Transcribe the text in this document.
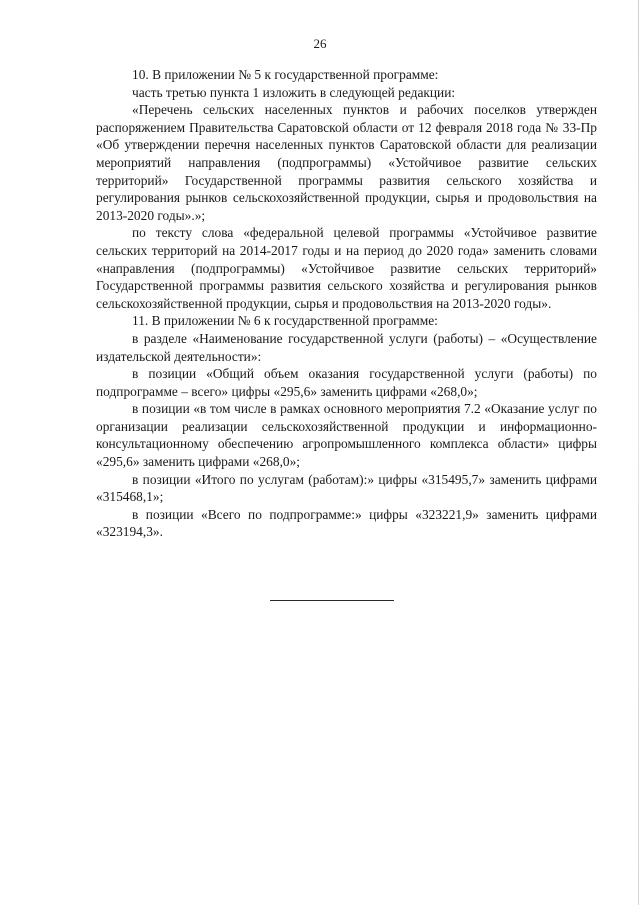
26

10. В приложении № 5 к государственной программе:

часть третью пункта 1 изложить в следующей редакции:

«Перечень сельских населенных пунктов и рабочих поселков утвержден распоряжением Правительства Саратовской области от 12 февраля 2018 года № 33-Пр «Об утверждении перечня населенных пунктов Саратовской области для реализации мероприятий направления (подпрограммы) «Устойчивое развитие сельских территорий» Государственной программы развития сельского хозяйства и регулирования рынков сельскохозяйственной продукции, сырья и продовольствия на 2013-2020 годы».»;

по тексту слова «федеральной целевой программы «Устойчивое развитие сельских территорий на 2014-2017 годы и на период до 2020 года» заменить словами «направления (подпрограммы) «Устойчивое развитие сельских территорий» Государственной программы развития сельского хозяйства и регулирования рынков сельскохозяйственной продукции, сырья и продовольствия на 2013-2020 годы».

11. В приложении № 6 к государственной программе:

в разделе «Наименование государственной услуги (работы) – «Осуществление издательской деятельности»:

в позиции «Общий объем оказания государственной услуги (работы) по подпрограмме – всего» цифры «295,6» заменить цифрами «268,0»;

в позиции «в том числе в рамках основного мероприятия 7.2 «Оказание услуг по организации реализации сельскохозяйственной продукции и информационно-консультационному обеспечению агропромышленного комплекса области» цифры «295,6» заменить цифрами «268,0»;

в позиции «Итого по услугам (работам):» цифры «315495,7» заменить цифрами «315468,1»;

в позиции «Всего по подпрограмме:» цифры «323221,9» заменить цифрами «323194,3».
